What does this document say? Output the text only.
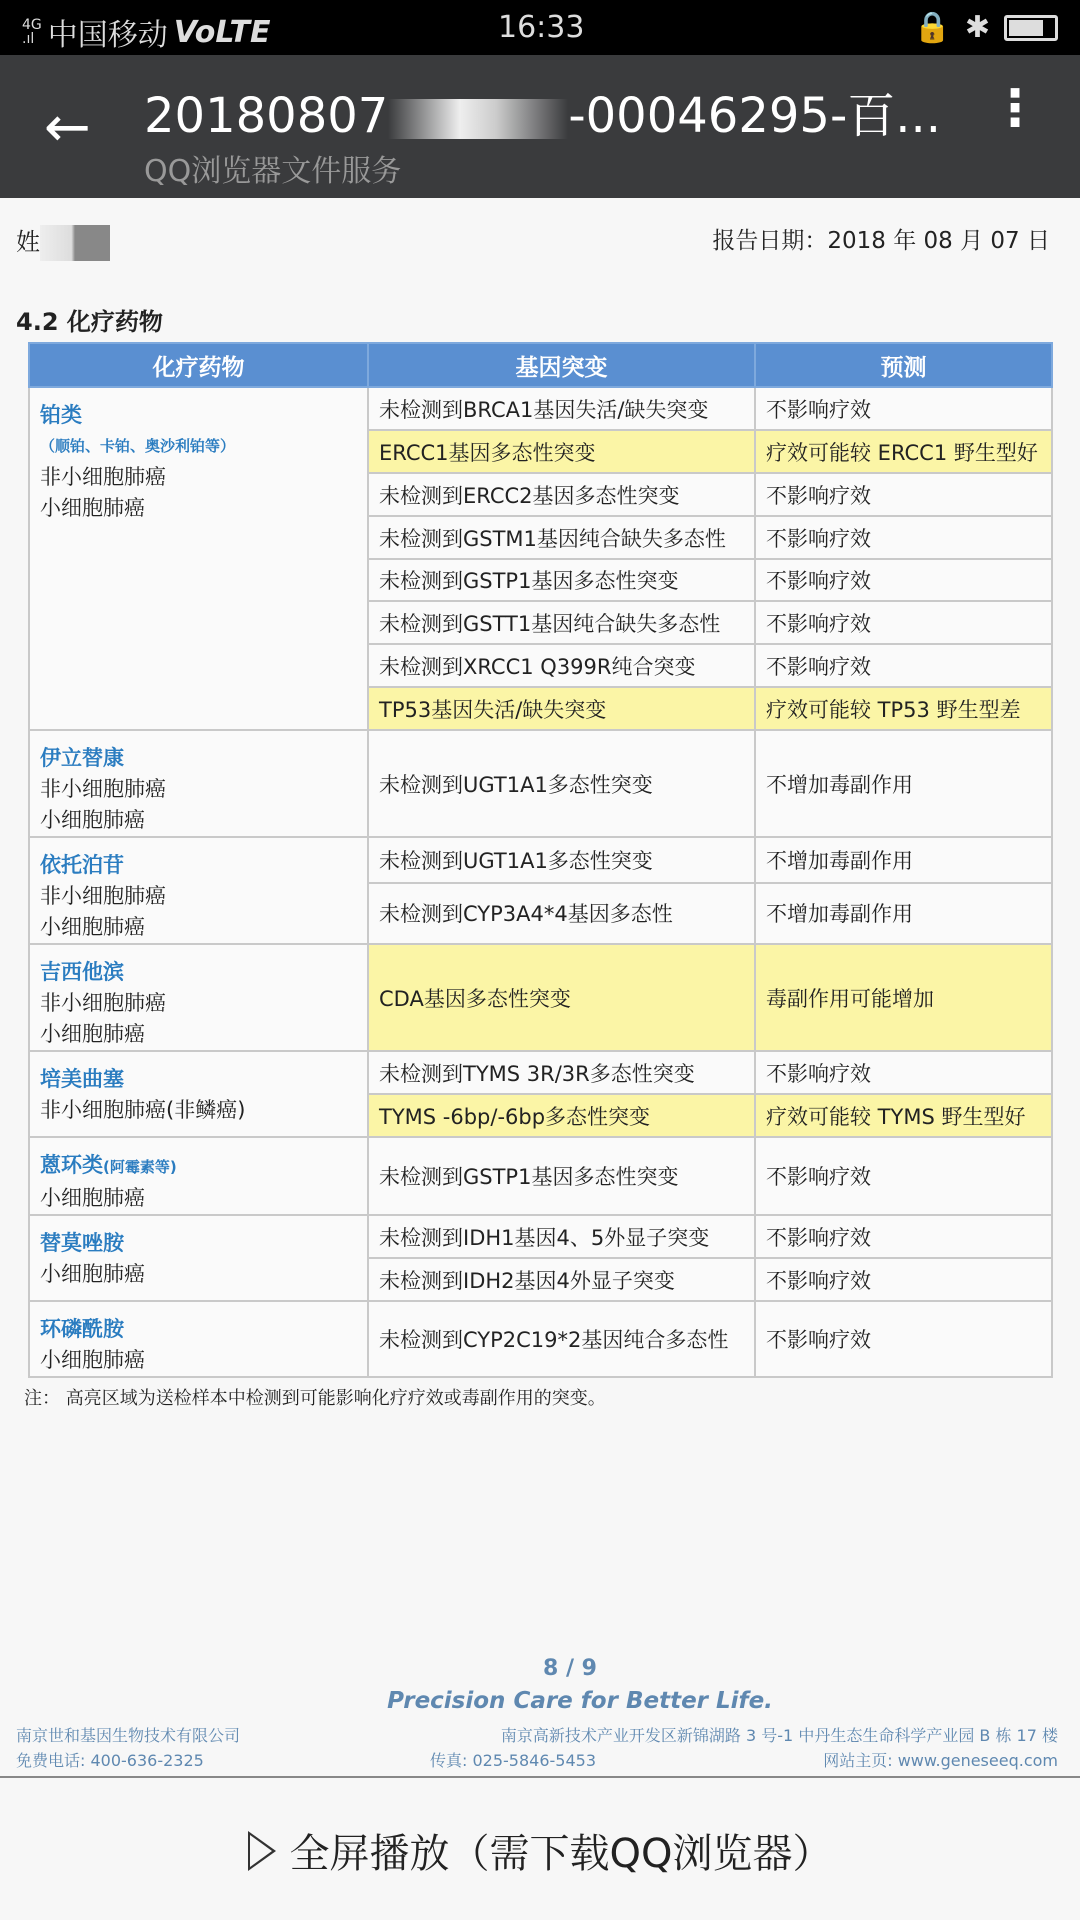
4G
.ıl 中国移动 VoLTE	16:33	🔒 ✱
← 20180807	-00046295-百...
QQ浏览器文件服务
⋮
姓	报告日期：2018 年 08 月 07 日
4.2 化疗药物
化疗药物	基因突变	预测
铂类
（顺铂、卡铂、奥沙利铂等）
非小细胞肺癌
小细胞肺癌	未检测到BRCA1基因失活/缺失突变	不影响疗效
	ERCC1基因多态性突变	疗效可能较 ERCC1 野生型好
	未检测到ERCC2基因多态性突变	不影响疗效
	未检测到GSTM1基因纯合缺失多态性	不影响疗效
	未检测到GSTP1基因多态性突变	不影响疗效
	未检测到GSTT1基因纯合缺失多态性	不影响疗效
	未检测到XRCC1 Q399R纯合突变	不影响疗效
	TP53基因失活/缺失突变	疗效可能较 TP53 野生型差
伊立替康
非小细胞肺癌
小细胞肺癌	未检测到UGT1A1多态性突变	不增加毒副作用
依托泊苷
非小细胞肺癌
小细胞肺癌	未检测到UGT1A1多态性突变	不增加毒副作用
	未检测到CYP3A4*4基因多态性	不增加毒副作用
吉西他滨
非小细胞肺癌
小细胞肺癌	CDA基因多态性突变	毒副作用可能增加
培美曲塞
非小细胞肺癌(非鳞癌)	未检测到TYMS 3R/3R多态性突变	不影响疗效
	TYMS -6bp/-6bp多态性突变	疗效可能较 TYMS 野生型好
蒽环类(阿霉素等)
小细胞肺癌	未检测到GSTP1基因多态性突变	不影响疗效
替莫唑胺
小细胞肺癌	未检测到IDH1基因4、5外显子突变	不影响疗效
	未检测到IDH2基因4外显子突变	不影响疗效
环磷酰胺
小细胞肺癌	未检测到CYP2C19*2基因纯合多态性	不影响疗效
注： 高亮区域为送检样本中检测到可能影响化疗疗效或毒副作用的突变。
8 / 9
Precision Care for Better Life.
南京世和基因生物技术有限公司	南京高新技术产业开发区新锦湖路 3 号-1 中丹生态生命科学产业园 B 栋 17 楼
免费电话: 400-636-2325	传真: 025-5846-5453	网站主页: www.geneseeq.com
全屏播放（需下载QQ浏览器）
